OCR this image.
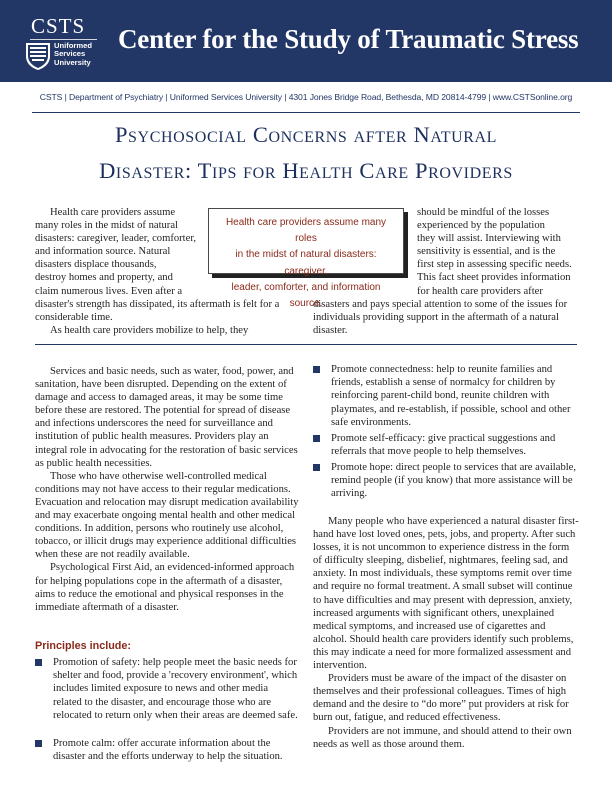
CSTS
Uniformed
Services
University
Center for the Study of Traumatic Stress
CSTS | Department of Psychiatry | Uniformed Services University | 4301 Jones Bridge Road, Bethesda, MD 20814-4799 | www.CSTSonline.org
Psychosocial Concerns after Natural
Disaster: Tips for Health Care Providers
Health care providers assume
many roles in the midst of natural
disasters: caregiver, leader, comforter,
and information source. Natural
disasters displace thousands,
destroy homes and property, and
claim numerous lives. Even after a
disaster's strength has dissipated, its aftermath is felt for a
considerable time.
As health care providers mobilize to help, they
should be mindful of the losses
experienced by the population
they will assist. Interviewing with
sensitivity is essential, and is the
first step in assessing specific needs.
This fact sheet provides information
for health care providers after
disasters and pays special attention to some of the issues for
individuals providing support in the aftermath of a natural
disaster.
Health care providers assume many roles
in the midst of natural disasters: caregiver,
leader, comforter, and information source.

Services and basic needs, such as water, food, power, and sanitation, have been disrupted. Depending on the extent of damage and access to damaged areas, it may be some time before these are restored. The potential for spread of disease and infections underscores the need for surveillance and institution of public health measures. Providers play an integral role in advocating for the restoration of basic services as public health necessities.

Those who have otherwise well-controlled medical conditions may not have access to their regular medications. Evacuation and relocation may disrupt medication availability and may exacerbate ongoing mental health and other medical conditions. In addition, persons who routinely use alcohol, tobacco, or illicit drugs may experience additional difficulties when these are not readily available.

Psychological First Aid, an evidenced-informed approach for helping populations cope in the aftermath of a disaster, aims to reduce the emotional and physical responses in the immediate aftermath of a disaster.

Principles include:
Promotion of safety: help people meet the basic needs for shelter and food, provide a 'recovery environment', which includes limited exposure to news and other media related to the disaster, and encourage those who are relocated to return only when their areas are deemed safe.
Promote calm: offer accurate information about the disaster and the efforts underway to help the situation.
Promote connectedness: help to reunite families and friends, establish a sense of normalcy for children by reinforcing parent-child bond, reunite children with playmates, and re-establish, if possible, school and other safe environments.
Promote self-efficacy: give practical suggestions and referrals that move people to help themselves.
Promote hope: direct people to services that are available, remind people (if you know) that more assistance will be arriving.

Many people who have experienced a natural disaster first-hand have lost loved ones, pets, jobs, and property. After such losses, it is not uncommon to experience distress in the form of difficulty sleeping, disbelief, nightmares, feeling sad, and anxiety. In most individuals, these symptoms remit over time and require no formal treatment. A small subset will continue to have difficulties and may present with depression, anxiety, increased arguments with significant others, unexplained medical symptoms, and increased use of cigarettes and alcohol. Should health care providers identify such problems, this may indicate a need for more formalized assessment and intervention.

Providers must be aware of the impact of the disaster on themselves and their professional colleagues. Times of high demand and the desire to “do more” put providers at risk for burn out, fatigue, and reduced effectiveness.

Providers are not immune, and should attend to their own needs as well as those around them.
